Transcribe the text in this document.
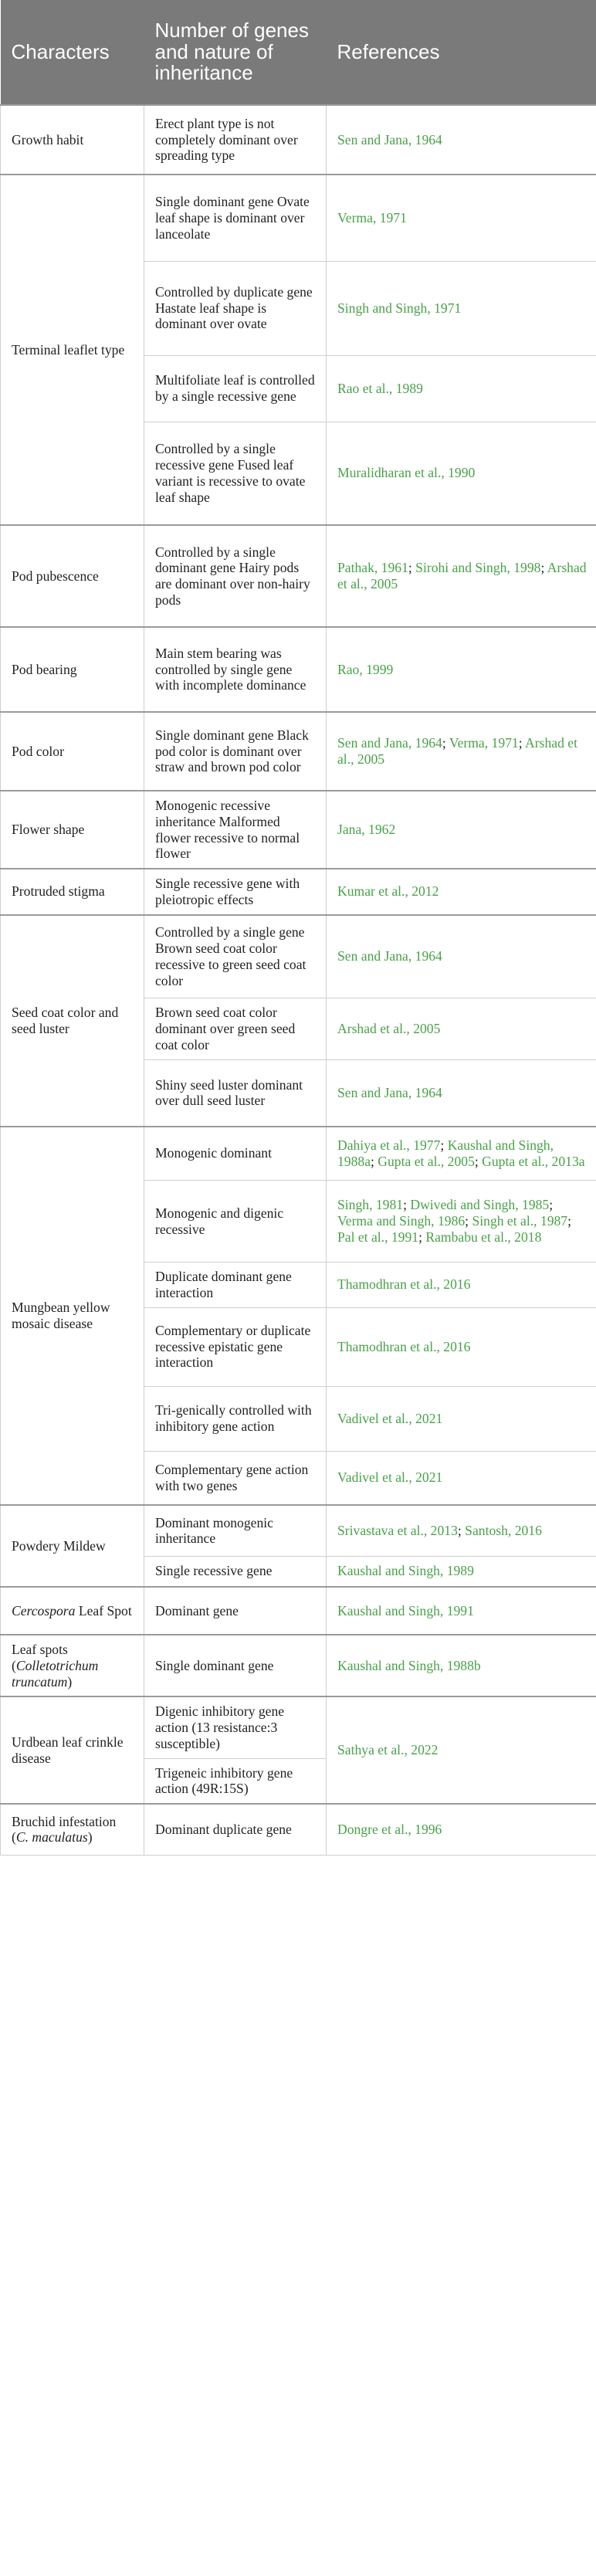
Characters	Number of genes and nature of inheritance	References
Growth habit	Erect plant type is not completely dominant over spreading type	Sen and Jana, 1964
Terminal leaflet type	Single dominant gene Ovate leaf shape is dominant over lanceolate	Verma, 1971
	Controlled by duplicate gene Hastate leaf shape is dominant over ovate	Singh and Singh, 1971
	Multifoliate leaf is controlled by a single recessive gene	Rao et al., 1989
	Controlled by a single recessive gene Fused leaf variant is recessive to ovate leaf shape	Muralidharan et al., 1990
Pod pubescence	Controlled by a single dominant gene Hairy pods are dominant over non-hairy pods	Pathak, 1961; Sirohi and Singh, 1998; Arshad et al., 2005
Pod bearing	Main stem bearing was controlled by single gene with incomplete dominance	Rao, 1999
Pod color	Single dominant gene Black pod color is dominant over straw and brown pod color	Sen and Jana, 1964; Verma, 1971; Arshad et al., 2005
Flower shape	Monogenic recessive inheritance Malformed flower recessive to normal flower	Jana, 1962
Protruded stigma	Single recessive gene with pleiotropic effects	Kumar et al., 2012
Seed coat color and seed luster	Controlled by a single gene Brown seed coat color recessive to green seed coat color	Sen and Jana, 1964
	Brown seed coat color dominant over green seed coat color	Arshad et al., 2005
	Shiny seed luster dominant over dull seed luster	Sen and Jana, 1964
Mungbean yellow mosaic disease	Monogenic dominant	Dahiya et al., 1977; Kaushal and Singh, 1988a; Gupta et al., 2005; Gupta et al., 2013a
	Monogenic and digenic recessive	Singh, 1981; Dwivedi and Singh, 1985; Verma and Singh, 1986; Singh et al., 1987; Pal et al., 1991; Rambabu et al., 2018
	Duplicate dominant gene interaction	Thamodhran et al., 2016
	Complementary or duplicate recessive epistatic gene interaction	Thamodhran et al., 2016
	Tri-genically controlled with inhibitory gene action	Vadivel et al., 2021
	Complementary gene action with two genes	Vadivel et al., 2021
Powdery Mildew	Dominant monogenic inheritance	Srivastava et al., 2013; Santosh, 2016
	Single recessive gene	Kaushal and Singh, 1989
Cercospora Leaf Spot	Dominant gene	Kaushal and Singh, 1991
Leaf spots (Colletotrichum truncatum)	Single dominant gene	Kaushal and Singh, 1988b
Urdbean leaf crinkle disease	Digenic inhibitory gene action (13 resistance:3 susceptible)	Sathya et al., 2022
	Trigeneic inhibitory gene action (49R:15S)	
Bruchid infestation (C. maculatus)	Dominant duplicate gene	Dongre et al., 1996
